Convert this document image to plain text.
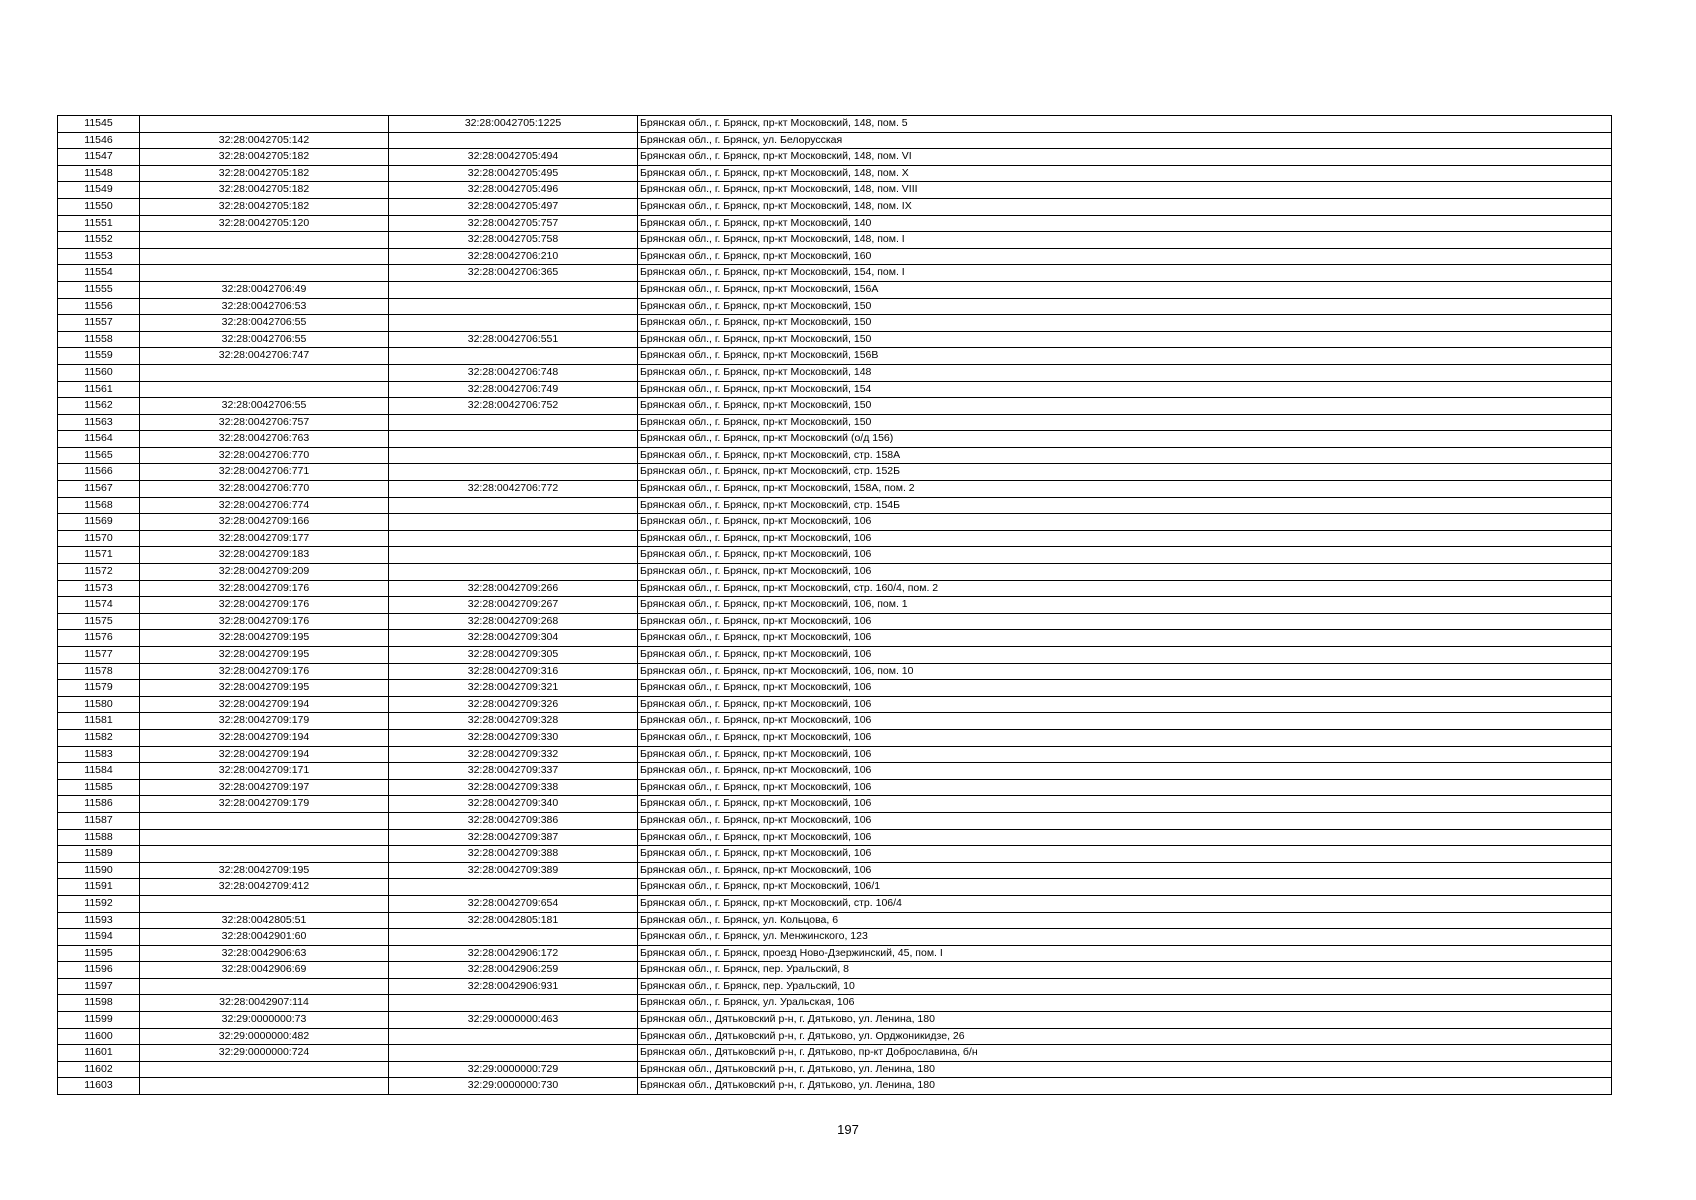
11545		32:28:0042705:1225	Брянская обл., г. Брянск, пр-кт Московский, 148, пом. 5
11546	32:28:0042705:142		Брянская обл., г. Брянск, ул. Белорусская
11547	32:28:0042705:182	32:28:0042705:494	Брянская обл., г. Брянск, пр-кт Московский, 148, пом. VI
11548	32:28:0042705:182	32:28:0042705:495	Брянская обл., г. Брянск, пр-кт Московский, 148, пом. X
11549	32:28:0042705:182	32:28:0042705:496	Брянская обл., г. Брянск, пр-кт Московский, 148, пом. VIII
11550	32:28:0042705:182	32:28:0042705:497	Брянская обл., г. Брянск, пр-кт Московский, 148, пом. IX
11551	32:28:0042705:120	32:28:0042705:757	Брянская обл., г. Брянск, пр-кт Московский, 140
11552		32:28:0042705:758	Брянская обл., г. Брянск, пр-кт Московский, 148, пом. I
11553		32:28:0042706:210	Брянская обл., г. Брянск, пр-кт Московский, 160
11554		32:28:0042706:365	Брянская обл., г. Брянск, пр-кт Московский, 154, пом. I
11555	32:28:0042706:49		Брянская обл., г. Брянск, пр-кт Московский, 156А
11556	32:28:0042706:53		Брянская обл., г. Брянск, пр-кт Московский, 150
11557	32:28:0042706:55		Брянская обл., г. Брянск, пр-кт Московский, 150
11558	32:28:0042706:55	32:28:0042706:551	Брянская обл., г. Брянск, пр-кт Московский, 150
11559	32:28:0042706:747		Брянская обл., г. Брянск, пр-кт Московский, 156В
11560		32:28:0042706:748	Брянская обл., г. Брянск, пр-кт Московский, 148
11561		32:28:0042706:749	Брянская обл., г. Брянск, пр-кт Московский, 154
11562	32:28:0042706:55	32:28:0042706:752	Брянская обл., г. Брянск, пр-кт Московский, 150
11563	32:28:0042706:757		Брянская обл., г. Брянск, пр-кт Московский, 150
11564	32:28:0042706:763		Брянская обл., г. Брянск, пр-кт Московский (о/д 156)
11565	32:28:0042706:770		Брянская обл., г. Брянск, пр-кт Московский, стр. 158А
11566	32:28:0042706:771		Брянская обл., г. Брянск, пр-кт Московский, стр. 152Б
11567	32:28:0042706:770	32:28:0042706:772	Брянская обл., г. Брянск, пр-кт Московский, 158А, пом. 2
11568	32:28:0042706:774		Брянская обл., г. Брянск, пр-кт Московский, стр. 154Б
11569	32:28:0042709:166		Брянская обл., г. Брянск, пр-кт Московский, 106
11570	32:28:0042709:177		Брянская обл., г. Брянск, пр-кт Московский, 106
11571	32:28:0042709:183		Брянская обл., г. Брянск, пр-кт Московский, 106
11572	32:28:0042709:209		Брянская обл., г. Брянск, пр-кт Московский, 106
11573	32:28:0042709:176	32:28:0042709:266	Брянская обл., г. Брянск, пр-кт Московский, стр. 160/4, пом. 2
11574	32:28:0042709:176	32:28:0042709:267	Брянская обл., г. Брянск, пр-кт Московский, 106, пом. 1
11575	32:28:0042709:176	32:28:0042709:268	Брянская обл., г. Брянск, пр-кт Московский, 106
11576	32:28:0042709:195	32:28:0042709:304	Брянская обл., г. Брянск, пр-кт Московский, 106
11577	32:28:0042709:195	32:28:0042709:305	Брянская обл., г. Брянск, пр-кт Московский, 106
11578	32:28:0042709:176	32:28:0042709:316	Брянская обл., г. Брянск, пр-кт Московский, 106, пом. 10
11579	32:28:0042709:195	32:28:0042709:321	Брянская обл., г. Брянск, пр-кт Московский, 106
11580	32:28:0042709:194	32:28:0042709:326	Брянская обл., г. Брянск, пр-кт Московский, 106
11581	32:28:0042709:179	32:28:0042709:328	Брянская обл., г. Брянск, пр-кт Московский, 106
11582	32:28:0042709:194	32:28:0042709:330	Брянская обл., г. Брянск, пр-кт Московский, 106
11583	32:28:0042709:194	32:28:0042709:332	Брянская обл., г. Брянск, пр-кт Московский, 106
11584	32:28:0042709:171	32:28:0042709:337	Брянская обл., г. Брянск, пр-кт Московский, 106
11585	32:28:0042709:197	32:28:0042709:338	Брянская обл., г. Брянск, пр-кт Московский, 106
11586	32:28:0042709:179	32:28:0042709:340	Брянская обл., г. Брянск, пр-кт Московский, 106
11587		32:28:0042709:386	Брянская обл., г. Брянск, пр-кт Московский, 106
11588		32:28:0042709:387	Брянская обл., г. Брянск, пр-кт Московский, 106
11589		32:28:0042709:388	Брянская обл., г. Брянск, пр-кт Московский, 106
11590	32:28:0042709:195	32:28:0042709:389	Брянская обл., г. Брянск, пр-кт Московский, 106
11591	32:28:0042709:412		Брянская обл., г. Брянск, пр-кт Московский, 106/1
11592		32:28:0042709:654	Брянская обл., г. Брянск, пр-кт Московский, стр. 106/4
11593	32:28:0042805:51	32:28:0042805:181	Брянская обл., г. Брянск, ул. Кольцова, 6
11594	32:28:0042901:60		Брянская обл., г. Брянск, ул. Менжинского, 123
11595	32:28:0042906:63	32:28:0042906:172	Брянская обл., г. Брянск, проезд Ново-Дзержинский, 45, пом. I
11596	32:28:0042906:69	32:28:0042906:259	Брянская обл., г. Брянск, пер. Уральский, 8
11597		32:28:0042906:931	Брянская обл., г. Брянск, пер. Уральский, 10
11598	32:28:0042907:114		Брянская обл., г. Брянск, ул. Уральская, 106
11599	32:29:0000000:73	32:29:0000000:463	Брянская обл., Дятьковский р-н, г. Дятьково, ул. Ленина, 180
11600	32:29:0000000:482		Брянская обл., Дятьковский р-н, г. Дятьково, ул. Орджоникидзе, 26
11601	32:29:0000000:724		Брянская обл., Дятьковский р-н, г. Дятьково, пр-кт Доброславина, б/н
11602		32:29:0000000:729	Брянская обл., Дятьковский р-н, г. Дятьково, ул. Ленина, 180
11603		32:29:0000000:730	Брянская обл., Дятьковский р-н, г. Дятьково, ул. Ленина, 180
197
